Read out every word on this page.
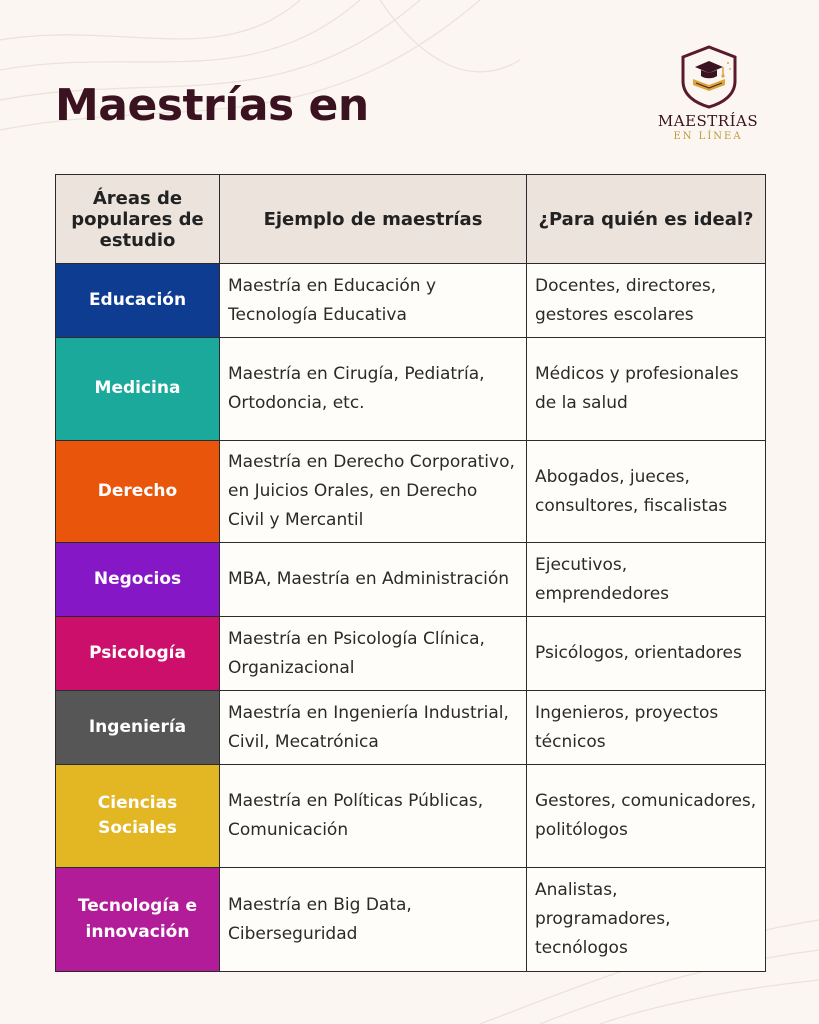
Maestrías en	MAESTRÍAS
EN LÍNEA
Áreas de populares de estudio	Ejemplo de maestrías	¿Para quién es ideal?
Educación	Maestría en Educación y Tecnología Educativa	Docentes, directores, gestores escolares
Medicina	Maestría en Cirugía, Pediatría, Ortodoncia, etc.	Médicos y profesionales de la salud
Derecho	Maestría en Derecho Corporativo, en Juicios Orales, en Derecho Civil y Mercantil	Abogados, jueces, consultores, fiscalistas
Negocios	MBA, Maestría en Administración	Ejecutivos, emprendedores
Psicología	Maestría en Psicología Clínica, Organizacional	Psicólogos, orientadores
Ingeniería	Maestría en Ingeniería Industrial, Civil, Mecatrónica	Ingenieros, proyectos técnicos
Ciencias Sociales	Maestría en Políticas Públicas, Comunicación	Gestores, comunicadores, politólogos
Tecnología e innovación	Maestría en Big Data, Ciberseguridad	Analistas, programadores, tecnólogos
